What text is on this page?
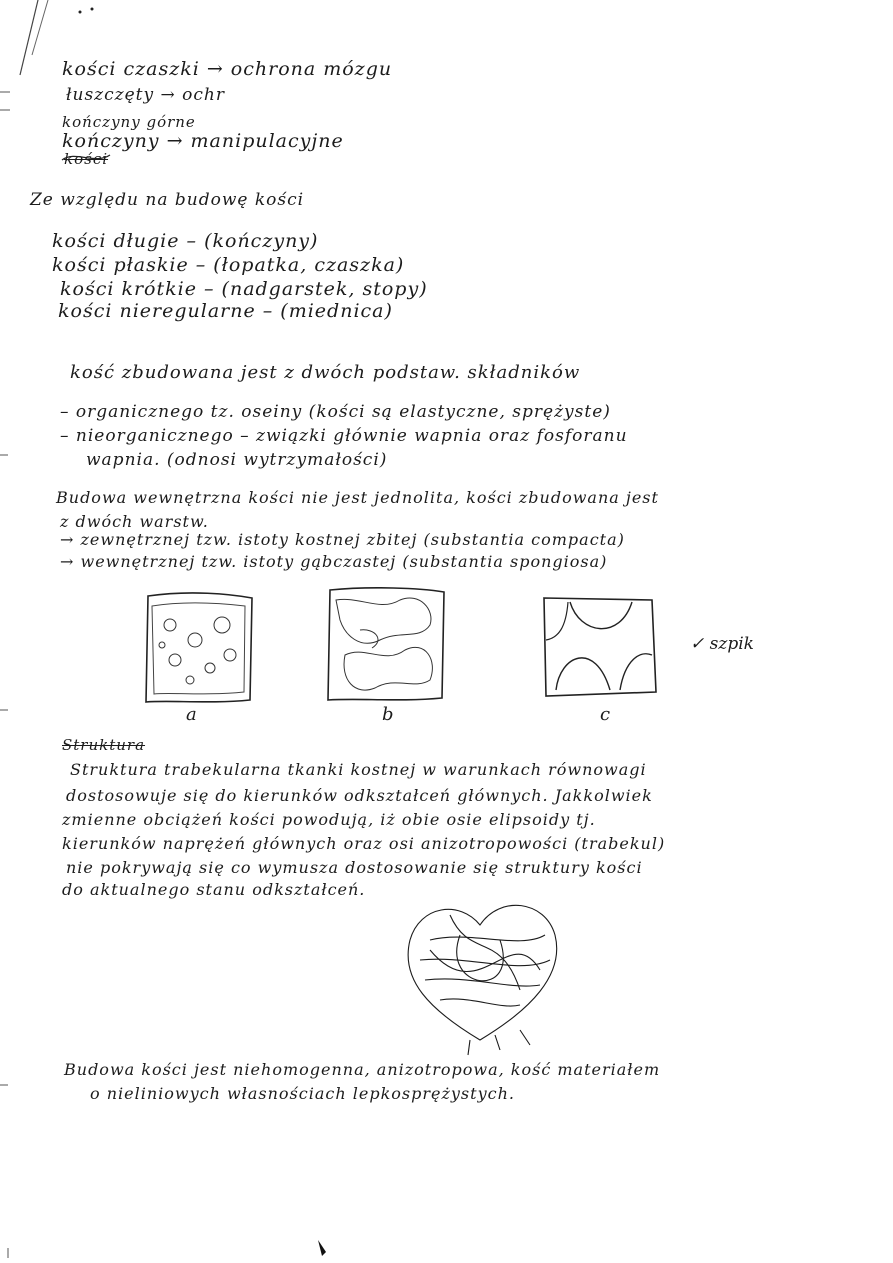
kości czaszki → ochrona mózgu
łuszczęty → ochr
kończyny górne
kończyny → manipulacyjne
kości
Ze względu na budowę kości
kości długie – (kończyny)
kości płaskie – (łopatka, czaszka)
kości krótkie – (nadgarstek, stopy)
kości nieregularne – (miednica)
kość zbudowana jest z dwóch podstaw. składników
– organicznego tz. oseiny (kości są elastyczne, sprężyste)
– nieorganicznego – związki głównie wapnia oraz fosforanu
wapnia. (odnosi wytrzymałości)
Budowa wewnętrzna kości nie jest jednolita, kości zbudowana jest
z dwóch warstw.
→ zewnętrznej tzw. istoty kostnej zbitej (substantia compacta)
→ wewnętrznej tzw. istoty gąbczastej (substantia spongiosa)
a	b	c
✓ szpik
Struktura
Struktura trabekularna tkanki kostnej w warunkach równowagi
dostosowuje się do kierunków odkształceń głównych. Jakkolwiek
zmienne obciążeń kości powodują, iż obie osie elipsoidy tj.
kierunków naprężeń głównych oraz osi anizotropowości (trabekul)
nie pokrywają się co wymusza dostosowanie się struktury kości
do aktualnego stanu odkształceń.
Budowa kości jest niehomogenna, anizotropowa, kość materiałem
o nieliniowych własnościach lepkosprężystych.
